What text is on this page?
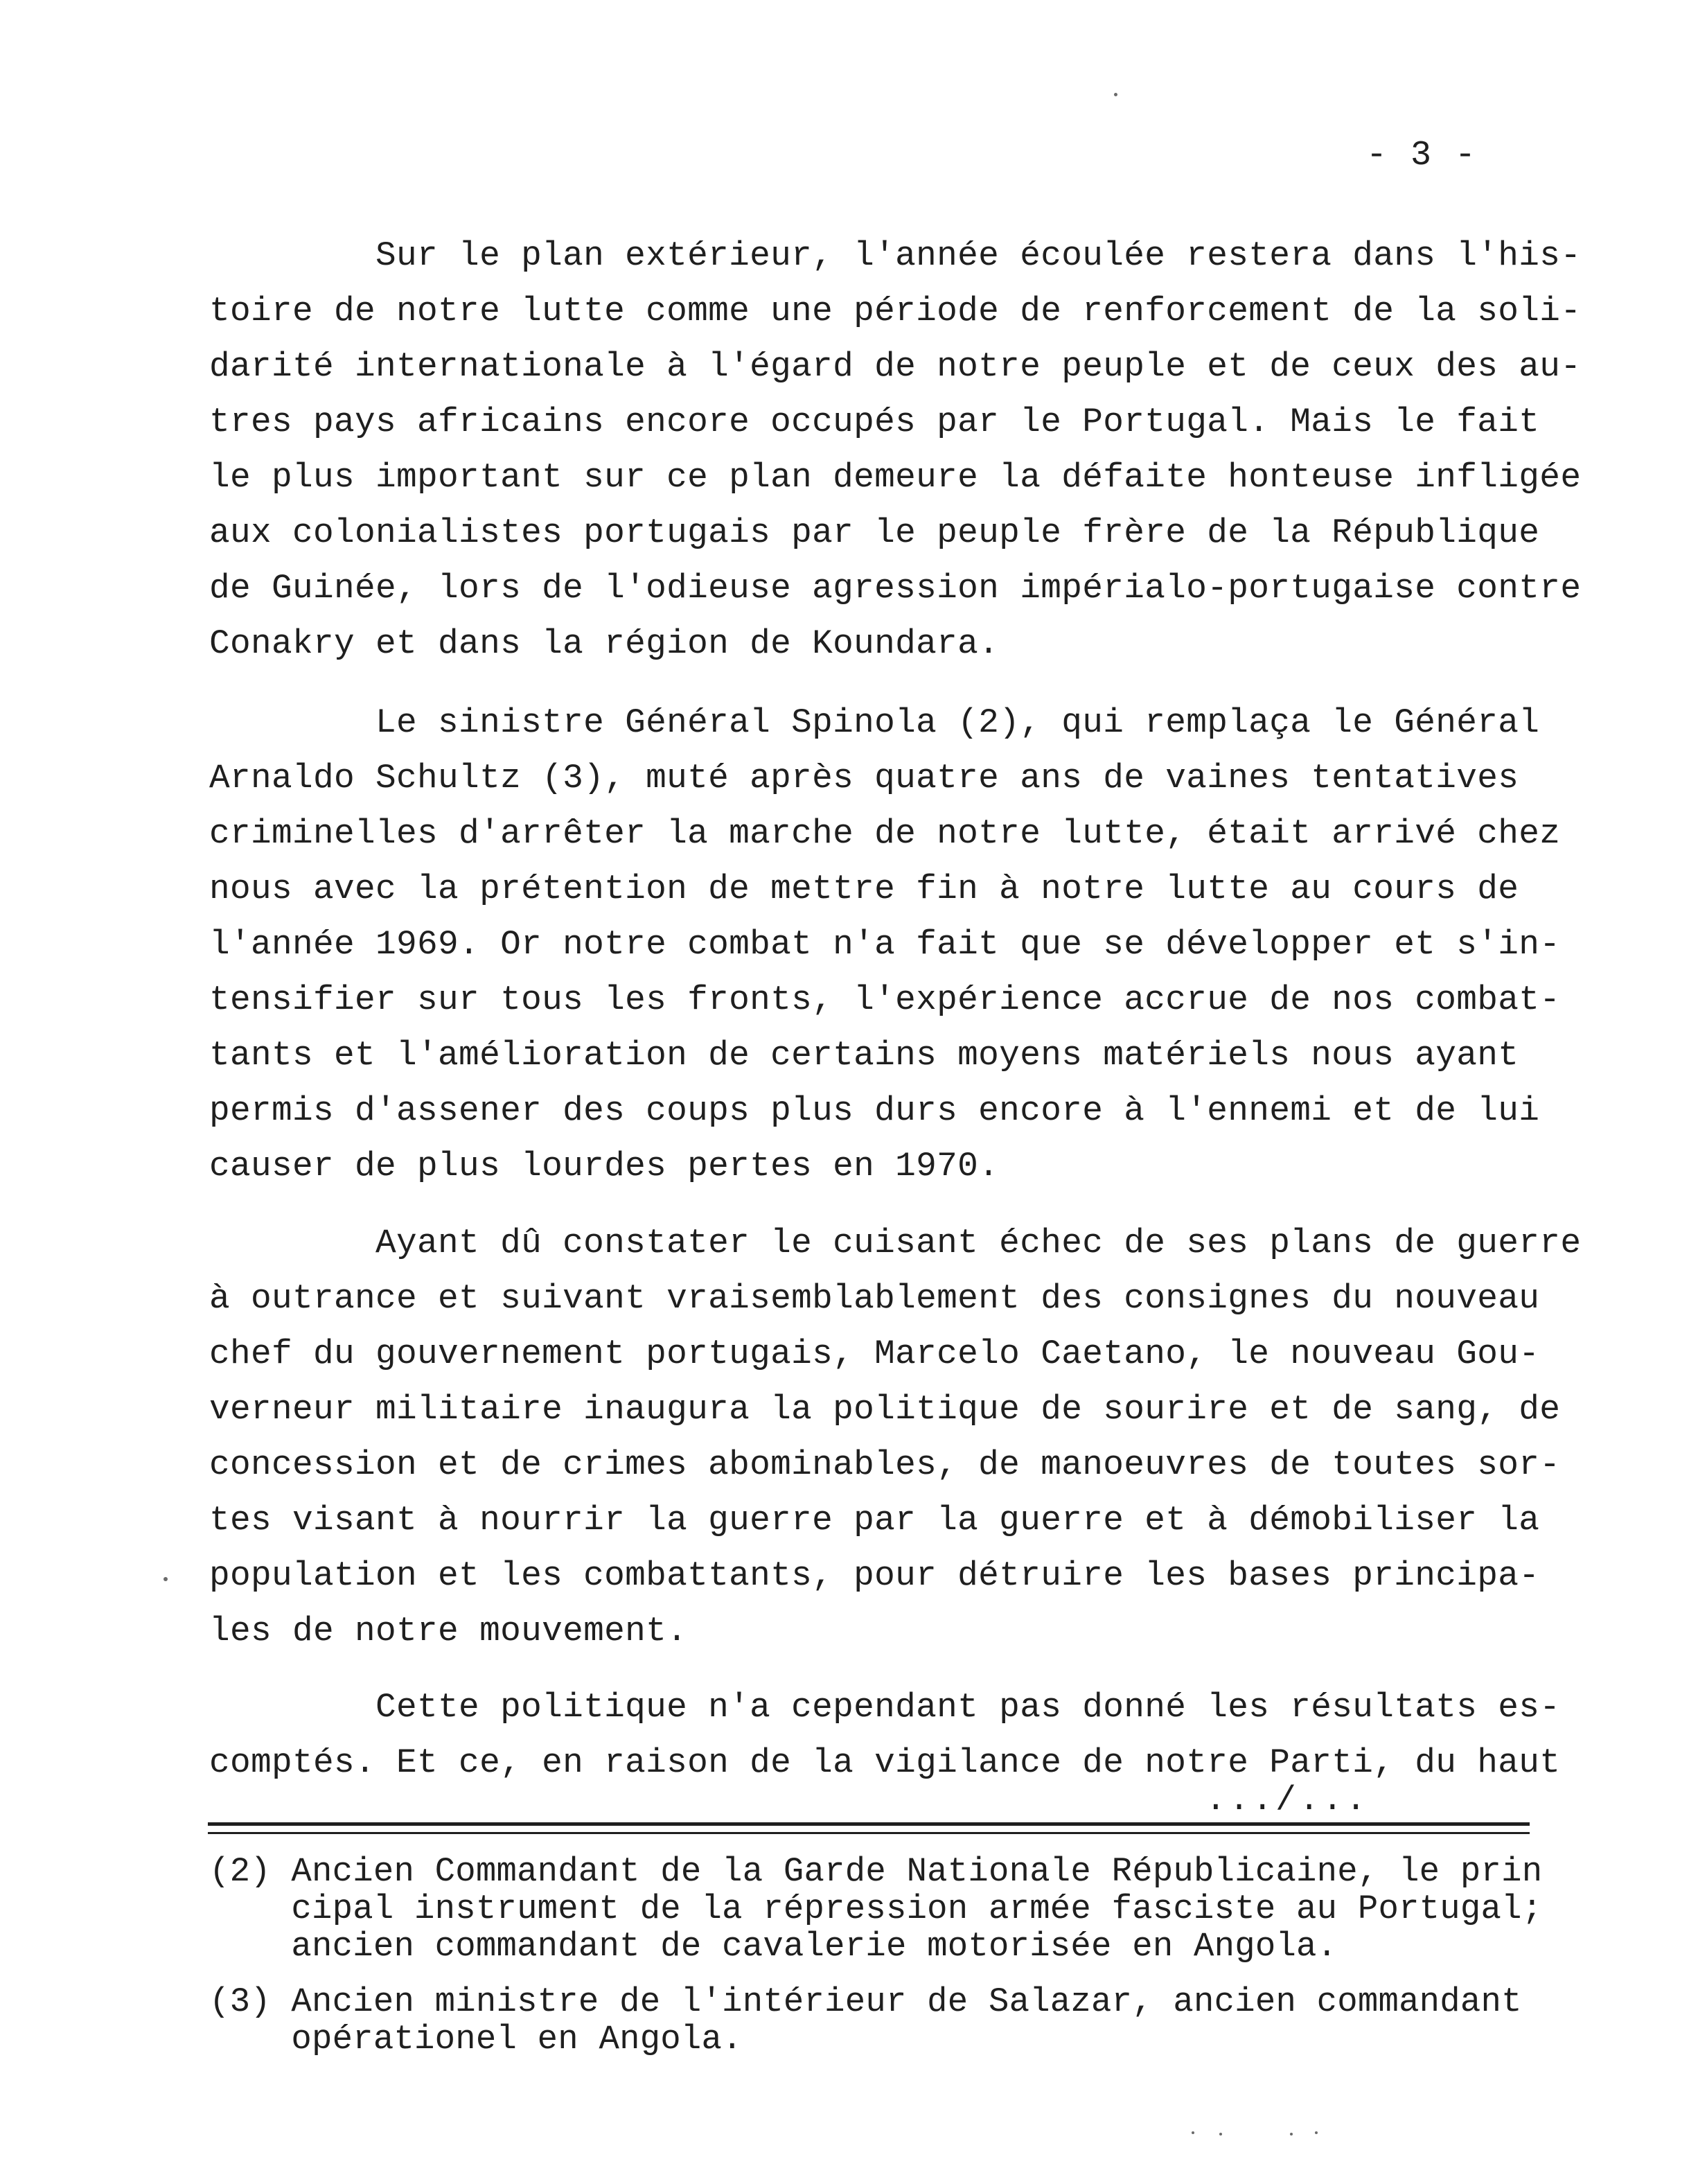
- 3 -
Sur le plan extérieur, l'année écoulée restera dans l'his-
toire de notre lutte comme une période de renforcement de la soli-
darité internationale à l'égard de notre peuple et de ceux des au-
tres pays africains encore occupés par le Portugal. Mais le fait
le plus important sur ce plan demeure la défaite honteuse infligée
aux colonialistes portugais par le peuple frère de la République
de Guinée, lors de l'odieuse agression impérialo-portugaise contre
Conakry et dans la région de Koundara.
Le sinistre Général Spinola (2), qui remplaça le Général
Arnaldo Schultz (3), muté après quatre ans de vaines tentatives
criminelles d'arrêter la marche de notre lutte, était arrivé chez
nous avec la prétention de mettre fin à notre lutte au cours de
l'année 1969. Or notre combat n'a fait que se développer et s'in-
tensifier sur tous les fronts, l'expérience accrue de nos combat-
tants et l'amélioration de certains moyens matériels nous ayant
permis d'assener des coups plus durs encore à l'ennemi et de lui
causer de plus lourdes pertes en 1970.
Ayant dû constater le cuisant échec de ses plans de guerre
à outrance et suivant vraisemblablement des consignes du nouveau
chef du gouvernement portugais, Marcelo Caetano, le nouveau Gou-
verneur militaire inaugura la politique de sourire et de sang, de
concession et de crimes abominables, de manoeuvres de toutes sor-
tes visant à nourrir la guerre par la guerre et à démobiliser la
population et les combattants, pour détruire les bases principa-
les de notre mouvement.
Cette politique n'a cependant pas donné les résultats es-
comptés. Et ce, en raison de la vigilance de notre Parti, du haut
.../...
(2) Ancien Commandant de la Garde Nationale Républicaine, le prin
cipal instrument de la répression armée fasciste au Portugal;
ancien commandant de cavalerie motorisée en Angola.
(3) Ancien ministre de l'intérieur de Salazar, ancien commandant
opérationel en Angola.
